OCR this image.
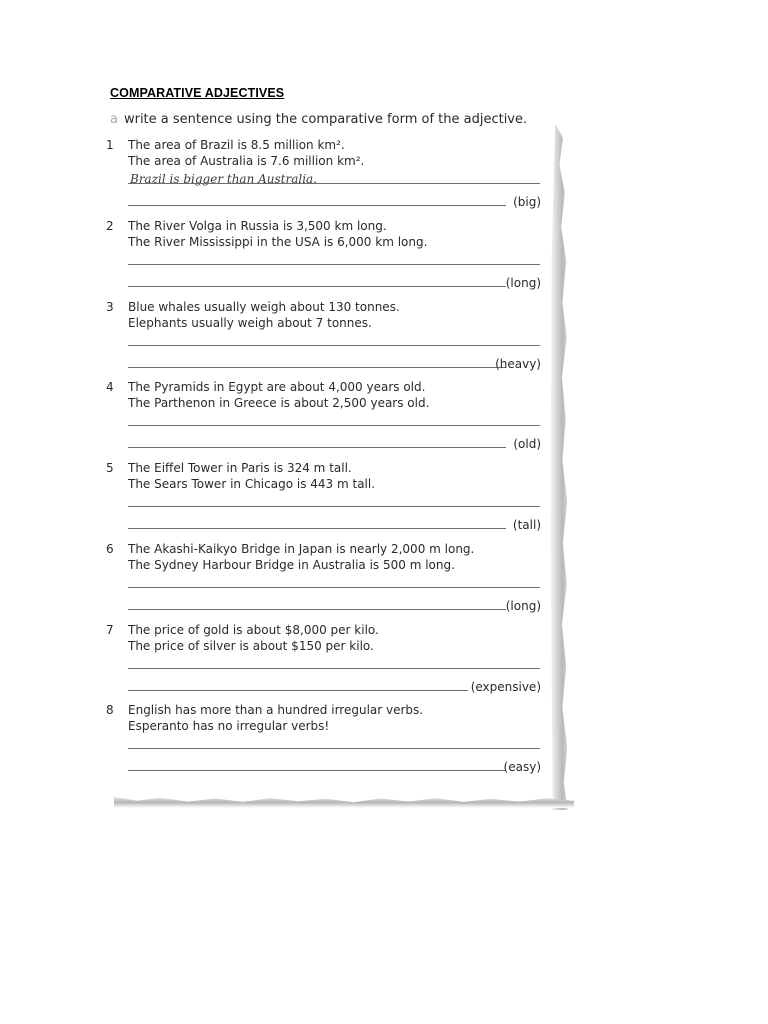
COMPARATIVE ADJECTIVES
a write a sentence using the comparative form of the adjective.
1 The area of Brazil is 8.5 million km².
The area of Australia is 7.6 million km².
Brazil is bigger than Australia.
(big)
2 The River Volga in Russia is 3,500 km long.
The River Mississippi in the USA is 6,000 km long.
(long)
3 Blue whales usually weigh about 130 tonnes.
Elephants usually weigh about 7 tonnes.
(heavy)
4 The Pyramids in Egypt are about 4,000 years old.
The Parthenon in Greece is about 2,500 years old.
(old)
5 The Eiffel Tower in Paris is 324 m tall.
The Sears Tower in Chicago is 443 m tall.
(tall)
6 The Akashi-Kaikyo Bridge in Japan is nearly 2,000 m long.
The Sydney Harbour Bridge in Australia is 500 m long.
(long)
7 The price of gold is about $8,000 per kilo.
The price of silver is about $150 per kilo.
(expensive)
8 English has more than a hundred irregular verbs.
Esperanto has no irregular verbs!
(easy)
